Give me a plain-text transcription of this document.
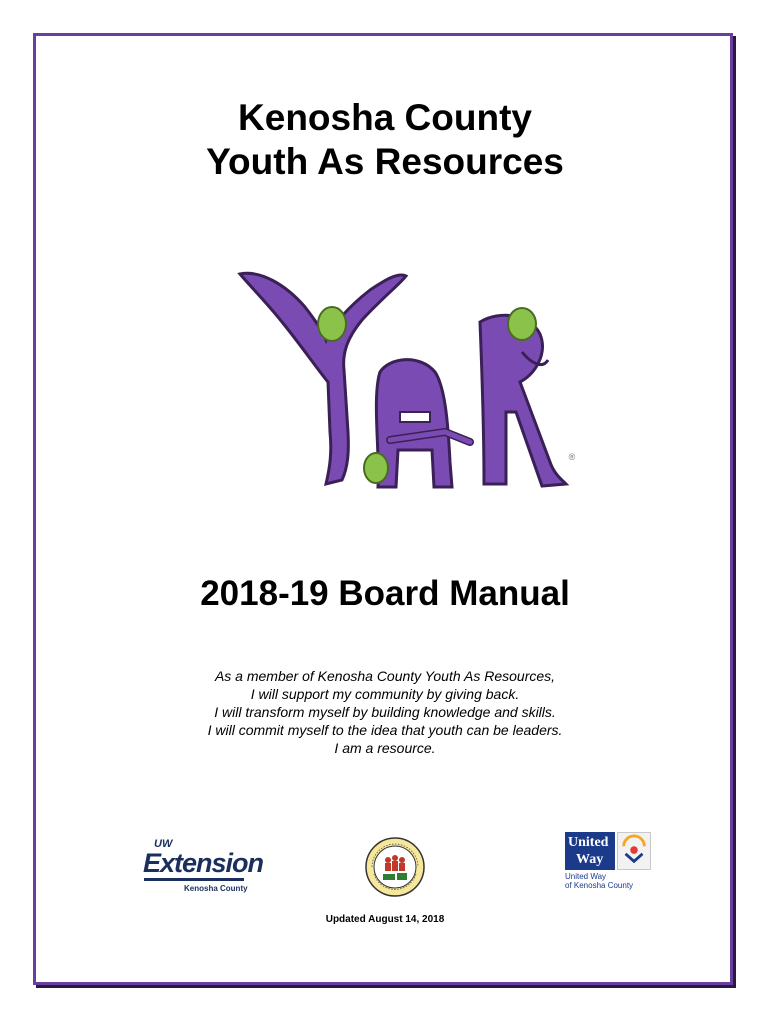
Kenosha County
Youth As Resources
®
2018-19 Board Manual
As a member of Kenosha County Youth As Resources,
I will support my community by giving back.
I will transform myself by building knowledge and skills.
I will commit myself to the idea that youth can be leaders.
I am a resource.
UW
Extension
Kenosha County
United
Way
United Way
of Kenosha County
Updated August 14, 2018
